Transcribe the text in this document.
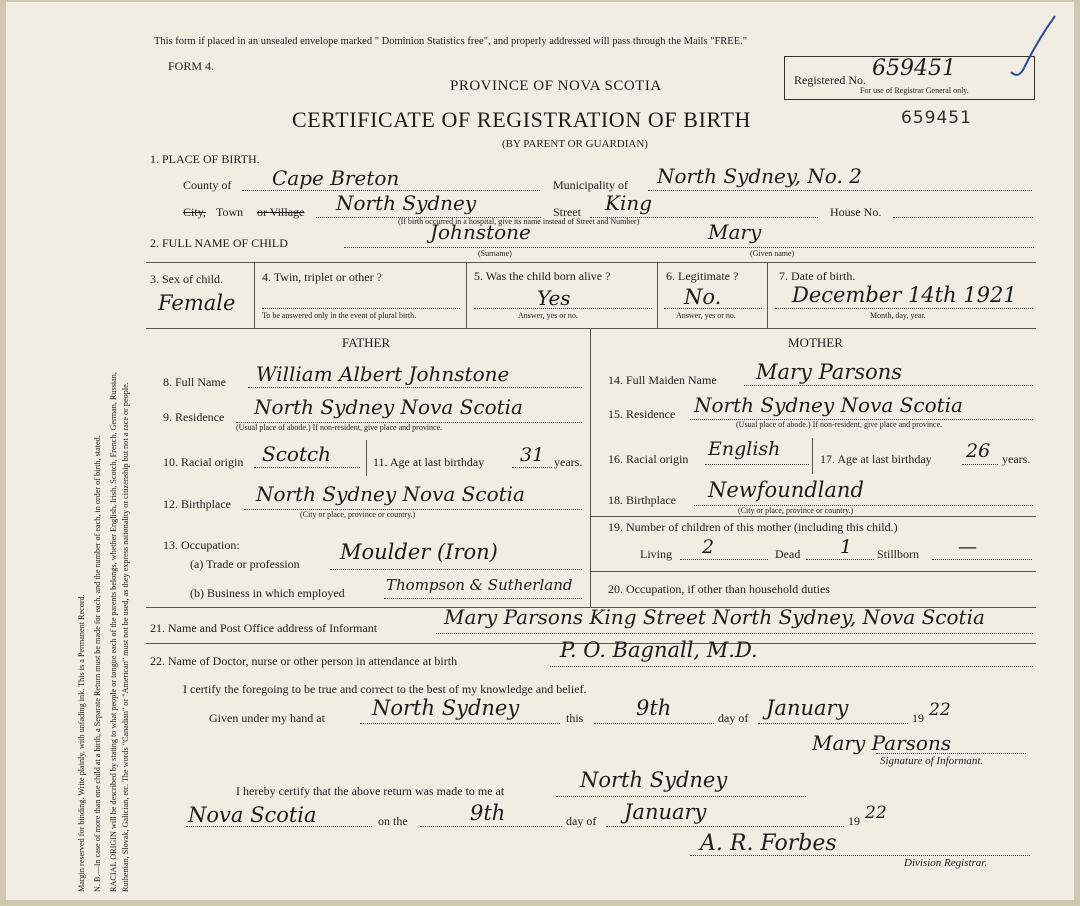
Margin reserved for binding. Write plainly, with unfading ink. This is a Permanent Record. N. B.—In case of more than one child at a birth, a Separate Return must be made for each, and the number of each, in order of birth, stated. RACIAL ORIGIN will be described by stating to what people or tongue each of the parents belongs, whether English, Irish, Scotch, French, German, Russian, Ruthenian, Slovak, Galician, etc. The words "Canadian" or "American" must not be used, as they express nationality or citizenship but not a race or people.
This form if placed in an unsealed envelope marked " Dominion Statistics free", and properly addressed will pass through the Mails "FREE."
FORM 4.
PROVINCE OF NOVA SCOTIA
CERTIFICATE OF REGISTRATION OF BIRTH
(BY PARENT OR GUARDIAN)
659451
Registered No. 659451
For use of Registrar General only.
1. PLACE OF BIRTH.
County of Cape Breton	Municipality of North Sydney, No. 2
City, Town or Village North Sydney	Street King	House No.
(If birth occurred in a hospital, give its name instead of Street and Number)
2. FULL NAME OF CHILD	Johnstone	Mary
(Surname)	(Given name)
3. Sex of child.
Female
4. Twin, triplet or other ?
To be answered only in the event of plural birth.
5. Was the child born alive ?
Yes
Answer, yes or no.
6. Legitimate ?
No.
Answer, yes or no.
7. Date of birth.
December 14th 1921
Month, day, year.
FATHER
8. Full Name William Albert Johnstone
9. Residence North Sydney Nova Scotia
(Usual place of abode.) If non-resident, give place and province.
10. Racial origin Scotch	11. Age at last birthday 31 years.
12. Birthplace North Sydney Nova Scotia
(City or place, province or country.)
13. Occupation:
(a) Trade or profession Moulder (Iron)
(b) Business in which employed	Thompson & Sutherland
MOTHER
14. Full Maiden Name Mary Parsons
15. Residence North Sydney Nova Scotia
(Usual place of abode.) If non-resident, give place and province.
16. Racial origin English	17. Age at last birthday 26 years.
18. Birthplace Newfoundland
(City or place, province or country.)
19. Number of children of this mother (including this child.)
Living 2	Dead 1 Stillborn —
20. Occupation, if other than household duties
21. Name and Post Office address of Informant	Mary Parsons King Street North Sydney, Nova Scotia
22. Name of Doctor, nurse or other person in attendance at birth	P. O. Bagnall, M.D.
I certify the foregoing to be true and correct to the best of my knowledge and belief.
Given under my hand at North Sydney	this	9th	day of January	19 22
Mary Parsons
Signature of Informant.
I hereby certify that the above return was made to me at	North Sydney
Nova Scotia	on the	9th	day of January	19 22
A. R. Forbes
Division Registrar.
